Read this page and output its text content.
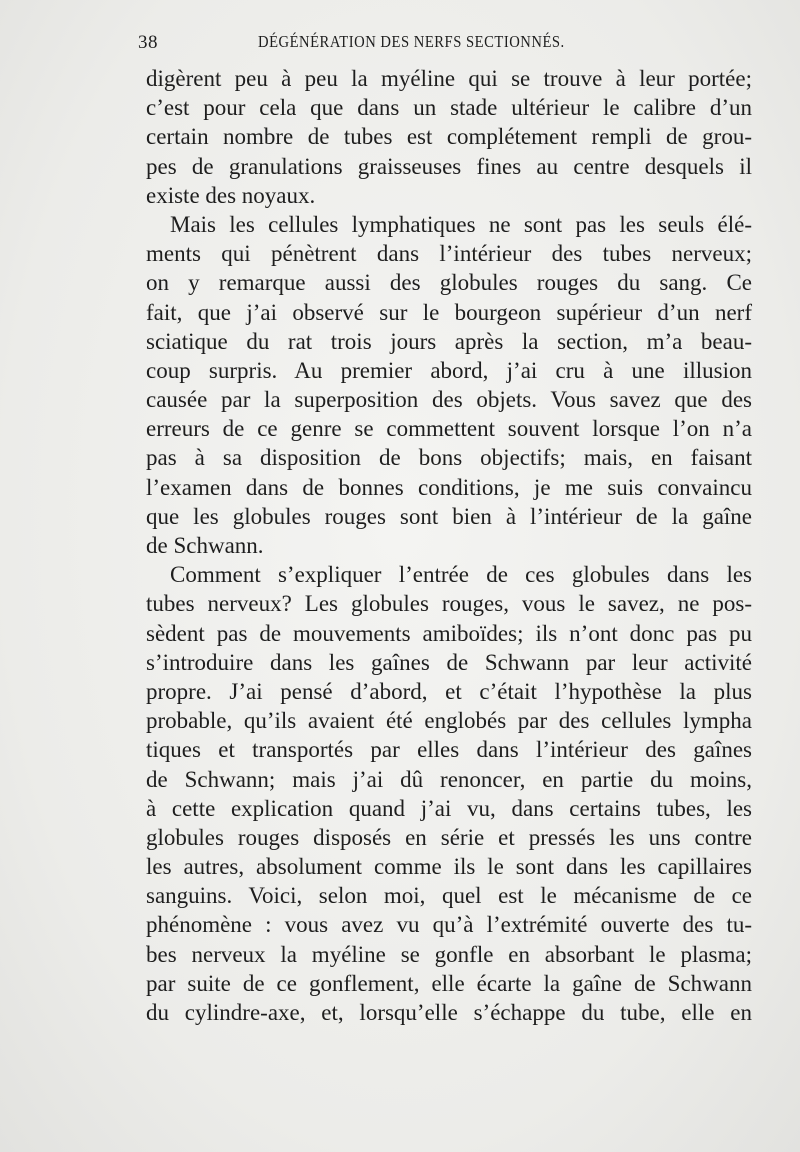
38	DÉGÉNÉRATION DES NERFS SECTIONNÉS.
digèrent peu à peu la myéline qui se trouve à leur portée;
c’est pour cela que dans un stade ultérieur le calibre d’un
certain nombre de tubes est complétement rempli de grou-
pes de granulations graisseuses fines au centre desquels il
existe des noyaux.
Mais les cellules lymphatiques ne sont pas les seuls élé-
ments qui pénètrent dans l’intérieur des tubes nerveux;
on y remarque aussi des globules rouges du sang. Ce
fait, que j’ai observé sur le bourgeon supérieur d’un nerf
sciatique du rat trois jours après la section, m’a beau-
coup surpris. Au premier abord, j’ai cru à une illusion
causée par la superposition des objets. Vous savez que des
erreurs de ce genre se commettent souvent lorsque l’on n’a
pas à sa disposition de bons objectifs; mais, en faisant
l’examen dans de bonnes conditions, je me suis convaincu
que les globules rouges sont bien à l’intérieur de la gaîne
de Schwann.
Comment s’expliquer l’entrée de ces globules dans les
tubes nerveux? Les globules rouges, vous le savez, ne pos-
sèdent pas de mouvements amiboïdes; ils n’ont donc pas pu
s’introduire dans les gaînes de Schwann par leur activité
propre. J’ai pensé d’abord, et c’était l’hypothèse la plus
probable, qu’ils avaient été englobés par des cellules lympha
tiques et transportés par elles dans l’intérieur des gaînes
de Schwann; mais j’ai dû renoncer, en partie du moins,
à cette explication quand j’ai vu, dans certains tubes, les
globules rouges disposés en série et pressés les uns contre
les autres, absolument comme ils le sont dans les capillaires
sanguins. Voici, selon moi, quel est le mécanisme de ce
phénomène : vous avez vu qu’à l’extrémité ouverte des tu-
bes nerveux la myéline se gonfle en absorbant le plasma;
par suite de ce gonflement, elle écarte la gaîne de Schwann
du cylindre-axe, et, lorsqu’elle s’échappe du tube, elle en
